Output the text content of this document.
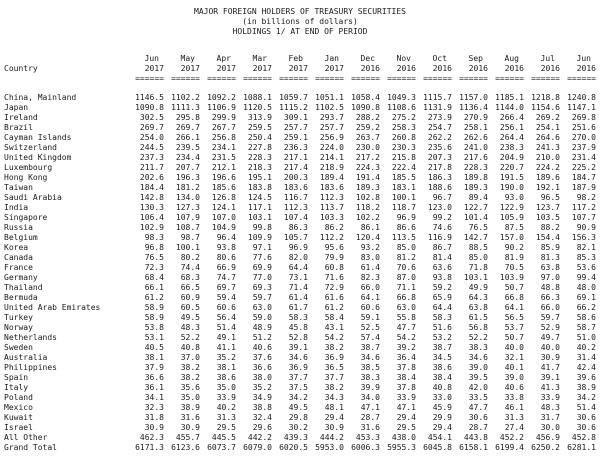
MAJOR FOREIGN HOLDERS OF TREASURY SECURITIES
(in billions of dollars)
HOLDINGS 1/ AT END OF PERIOD
Jun	May	Apr	Mar	Feb	Jan	Dec	Nov	Oct	Sep	Aug	Jul	Jun
Country	2017	2017	2017	2017	2017	2017	2016	2016	2016	2016	2016	2016	2016
====== ====== ====== ====== ====== ====== ====== ====== ====== ====== ====== ====== ======
China, Mainland	1146.5 1102.2 1092.2 1088.1 1059.7 1051.1 1058.4 1049.3 1115.7 1157.0 1185.1 1218.8 1240.8
Japan	1090.8 1111.3 1106.9 1120.5 1115.2 1102.5 1090.8 1108.6 1131.9 1136.4 1144.0 1154.6 1147.1
Ireland	302.5	295.8	299.9	313.9	309.1	293.7	288.2	275.2	273.9	270.9	266.4	269.2	269.8
Brazil	269.7	269.7	267.7	259.5	257.7	257.7	259.2	258.3	254.7	258.1	256.1	254.1	251.6
Cayman Islands	254.0	266.1	256.8	250.4	259.1	256.9	263.7	260.8	262.2	262.6	264.4	264.6	270.0
Switzerland	244.5	239.5	234.1	227.8	236.3	224.0	230.0	230.3	235.6	241.0	238.3	241.3	237.9
United Kingdom	237.3	234.4	231.5	228.3	217.1	214.1	217.2	215.8	207.3	217.6	204.9	210.0	231.4
Luxembourg	211.7	207.7	212.1	218.3	217.4	218.9	224.3	222.4	217.8	228.3	220.7	224.2	225.2
Hong Kong	202.6	196.3	196.6	195.1	200.3	189.4	191.4	185.5	186.3	189.8	191.5	189.6	184.7
Taiwan	184.4	181.2	185.6	183.8	183.6	183.6	189.3	183.1	188.6	189.3	190.0	192.1	187.9
Saudi Arabia	142.8	134.0	126.8	124.5	116.7	112.3	102.8	100.1	96.7	89.4	93.0	96.5	98.2
India	130.3	127.3	124.1	117.1	112.3	113.7	118.2	118.7	123.0	122.7	122.9	123.7	117.2
Singapore	106.4	107.9	107.0	103.1	107.4	103.3	102.2	96.9	99.2	101.4	105.9	103.5	107.7
Russia	102.9	108.7	104.9	99.8	86.3	86.2	86.1	86.6	74.6	76.5	87.5	88.2	90.9
Belgium	98.3	98.7	96.4	109.9	105.7	112.2	120.4	113.5	116.9	142.7	157.0	154.4	156.3
Korea	96.8	100.1	93.8	97.1	96.9	95.6	93.2	85.0	86.7	88.5	90.2	85.9	82.1
Canada	76.5	80.2	80.6	77.6	82.0	79.9	83.0	81.2	81.4	85.0	81.9	81.3	85.3
France	72.3	74.4	66.9	69.9	64.4	60.8	61.4	70.6	63.6	71.8	70.5	63.8	53.6
Germany	68.4	68.3	74.7	77.0	73.1	71.6	82.3	87.0	93.8	103.1	103.9	97.0	99.4
Thailand	66.1	66.5	69.7	69.3	71.4	72.9	66.0	71.1	59.2	49.9	50.7	48.8	48.0
Bermuda	61.2	60.9	59.4	59.7	61.4	61.6	64.1	66.8	65.9	64.3	66.8	66.3	69.1
United Arab Emirates	58.9	60.5	60.6	63.0	61.7	61.2	60.6	63.0	64.4	63.8	64.1	66.0	66.2
Turkey	58.9	49.5	56.4	59.0	58.3	58.4	59.1	55.8	58.3	61.5	56.5	59.7	58.6
Norway	53.8	48.3	51.4	48.9	45.8	43.1	52.5	47.7	51.6	56.8	53.7	52.9	58.7
Netherlands	53.1	52.2	49.1	51.2	52.8	54.2	57.4	54.2	53.2	52.2	50.7	49.7	51.0
Sweden	40.5	40.8	41.1	40.6	39.1	38.2	38.7	39.2	38.7	38.3	40.0	40.0	40.2
Australia	38.1	37.0	35.2	37.6	34.6	36.9	34.6	36.4	34.5	34.6	32.1	30.9	31.4
Philippines	37.9	38.2	38.1	36.6	36.9	36.5	38.5	37.8	38.6	39.0	40.1	41.7	42.4
Spain	36.6	38.2	38.6	38.0	37.7	37.7	38.3	38.4	38.4	39.5	39.0	39.1	39.6
Italy	36.1	35.6	35.0	35.2	37.5	38.2	39.9	37.8	40.8	42.0	40.6	41.3	38.9
Poland	34.1	35.0	33.9	34.9	34.2	34.3	34.0	33.9	33.0	33.5	33.8	33.9	34.2
Mexico	32.3	38.9	40.2	38.8	49.5	48.1	47.1	47.1	45.9	47.7	46.1	48.3	51.4
Kuwait	31.8	31.6	31.3	32.4	29.8	29.4	28.7	29.4	29.9	30.6	31.3	31.7	30.6
Israel	30.9	30.9	29.5	29.6	30.2	30.9	31.6	29.5	29.4	28.7	27.4	30.0	30.6
All Other	462.3	455.7	445.5	442.2	439.3	444.2	453.3	438.0	454.1	443.8	452.2	456.9	452.8
Grand Total	6171.3 6123.6 6073.7 6079.0 6020.5 5953.0 6006.3 5955.3 6045.8 6158.1 6199.4 6250.2 6281.1
